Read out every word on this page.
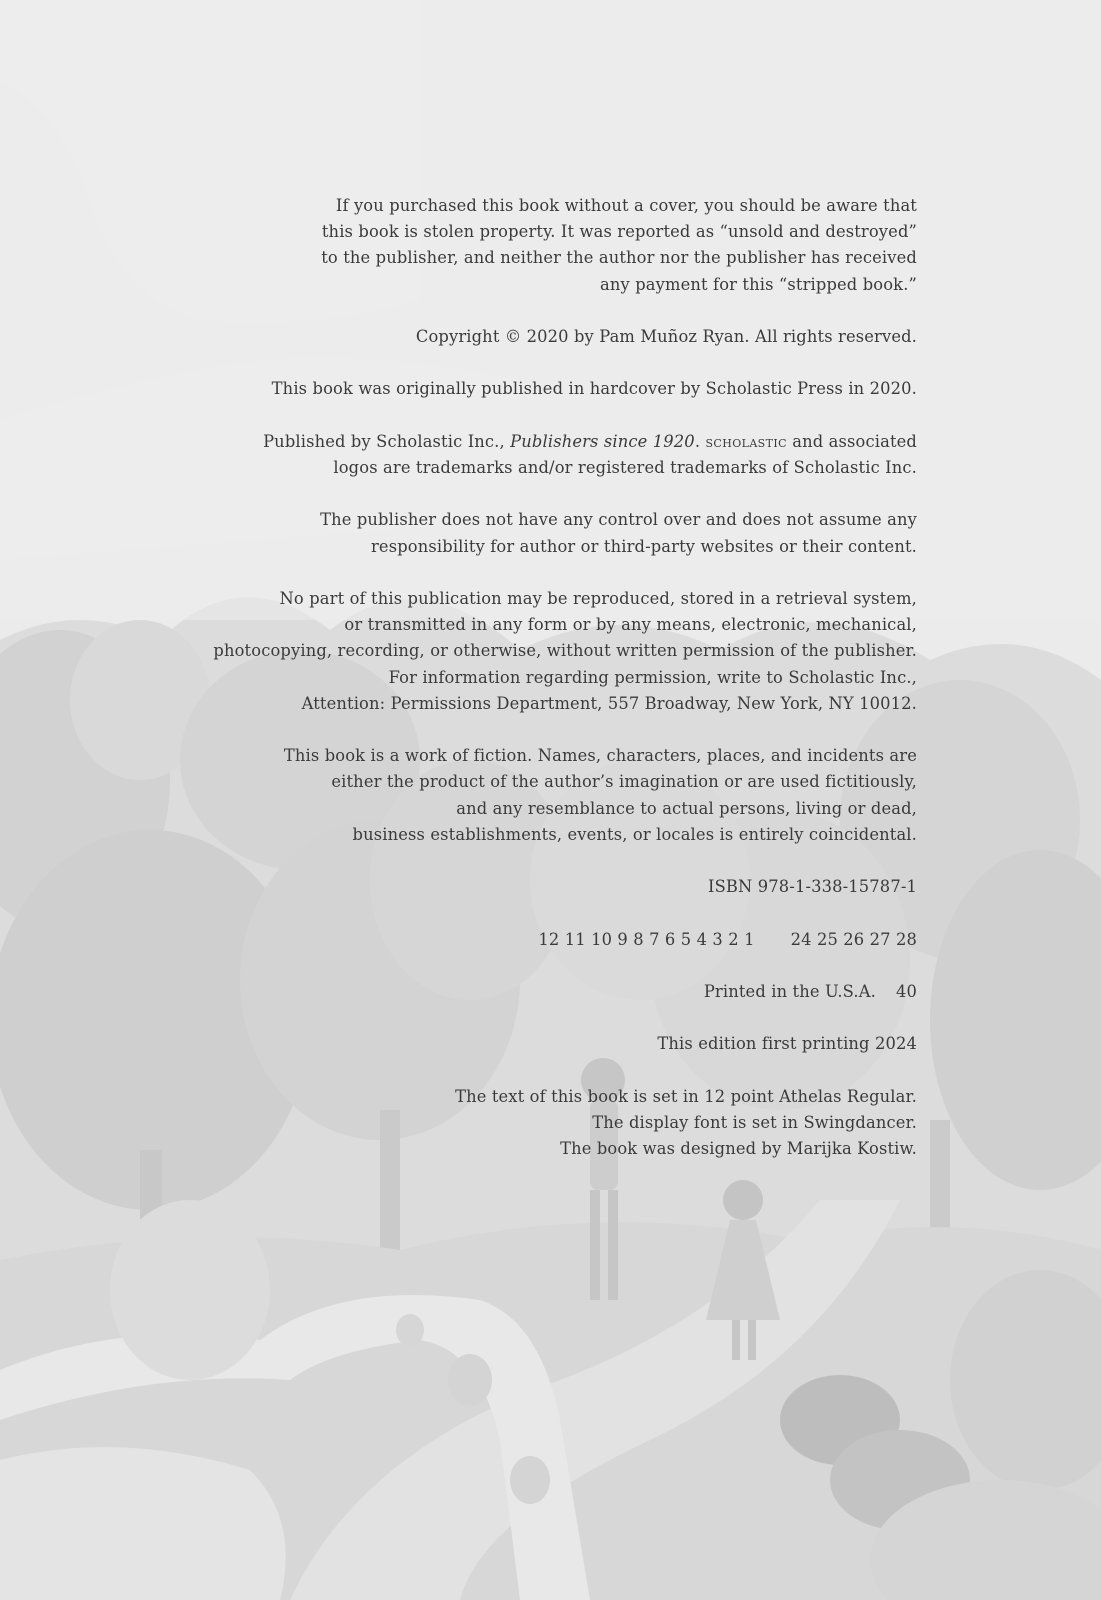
If you purchased this book without a cover, you should be aware that
this book is stolen property. It was reported as “unsold and destroyed”
to the publisher, and neither the author nor the publisher has received
any payment for this “stripped book.”

Copyright © 2020 by Pam Muñoz Ryan. All rights reserved.

This book was originally published in hardcover by Scholastic Press in 2020.

Published by Scholastic Inc., Publishers since 1920. scholastic and associated
logos are trademarks and/or registered trademarks of Scholastic Inc.

The publisher does not have any control over and does not assume any
responsibility for author or third-party websites or their content.

No part of this publication may be reproduced, stored in a retrieval system,
or transmitted in any form or by any means, electronic, mechanical,
photocopying, recording, or otherwise, without written permission of the publisher.
For information regarding permission, write to Scholastic Inc.,
Attention: Permissions Department, 557 Broadway, New York, NY 10012.

This book is a work of fiction. Names, characters, places, and incidents are
either the product of the author’s imagination or are used fictitiously,
and any resemblance to actual persons, living or dead,
business establishments, events, or locales is entirely coincidental.

ISBN 978-1-338-15787-1

12 11 10 9 8 7 6 5 4 3 2 1 24 25 26 27 28

Printed in the U.S.A. 40

This edition first printing 2024

The text of this book is set in 12 point Athelas Regular.
The display font is set in Swingdancer.
The book was designed by Marijka Kostiw.
